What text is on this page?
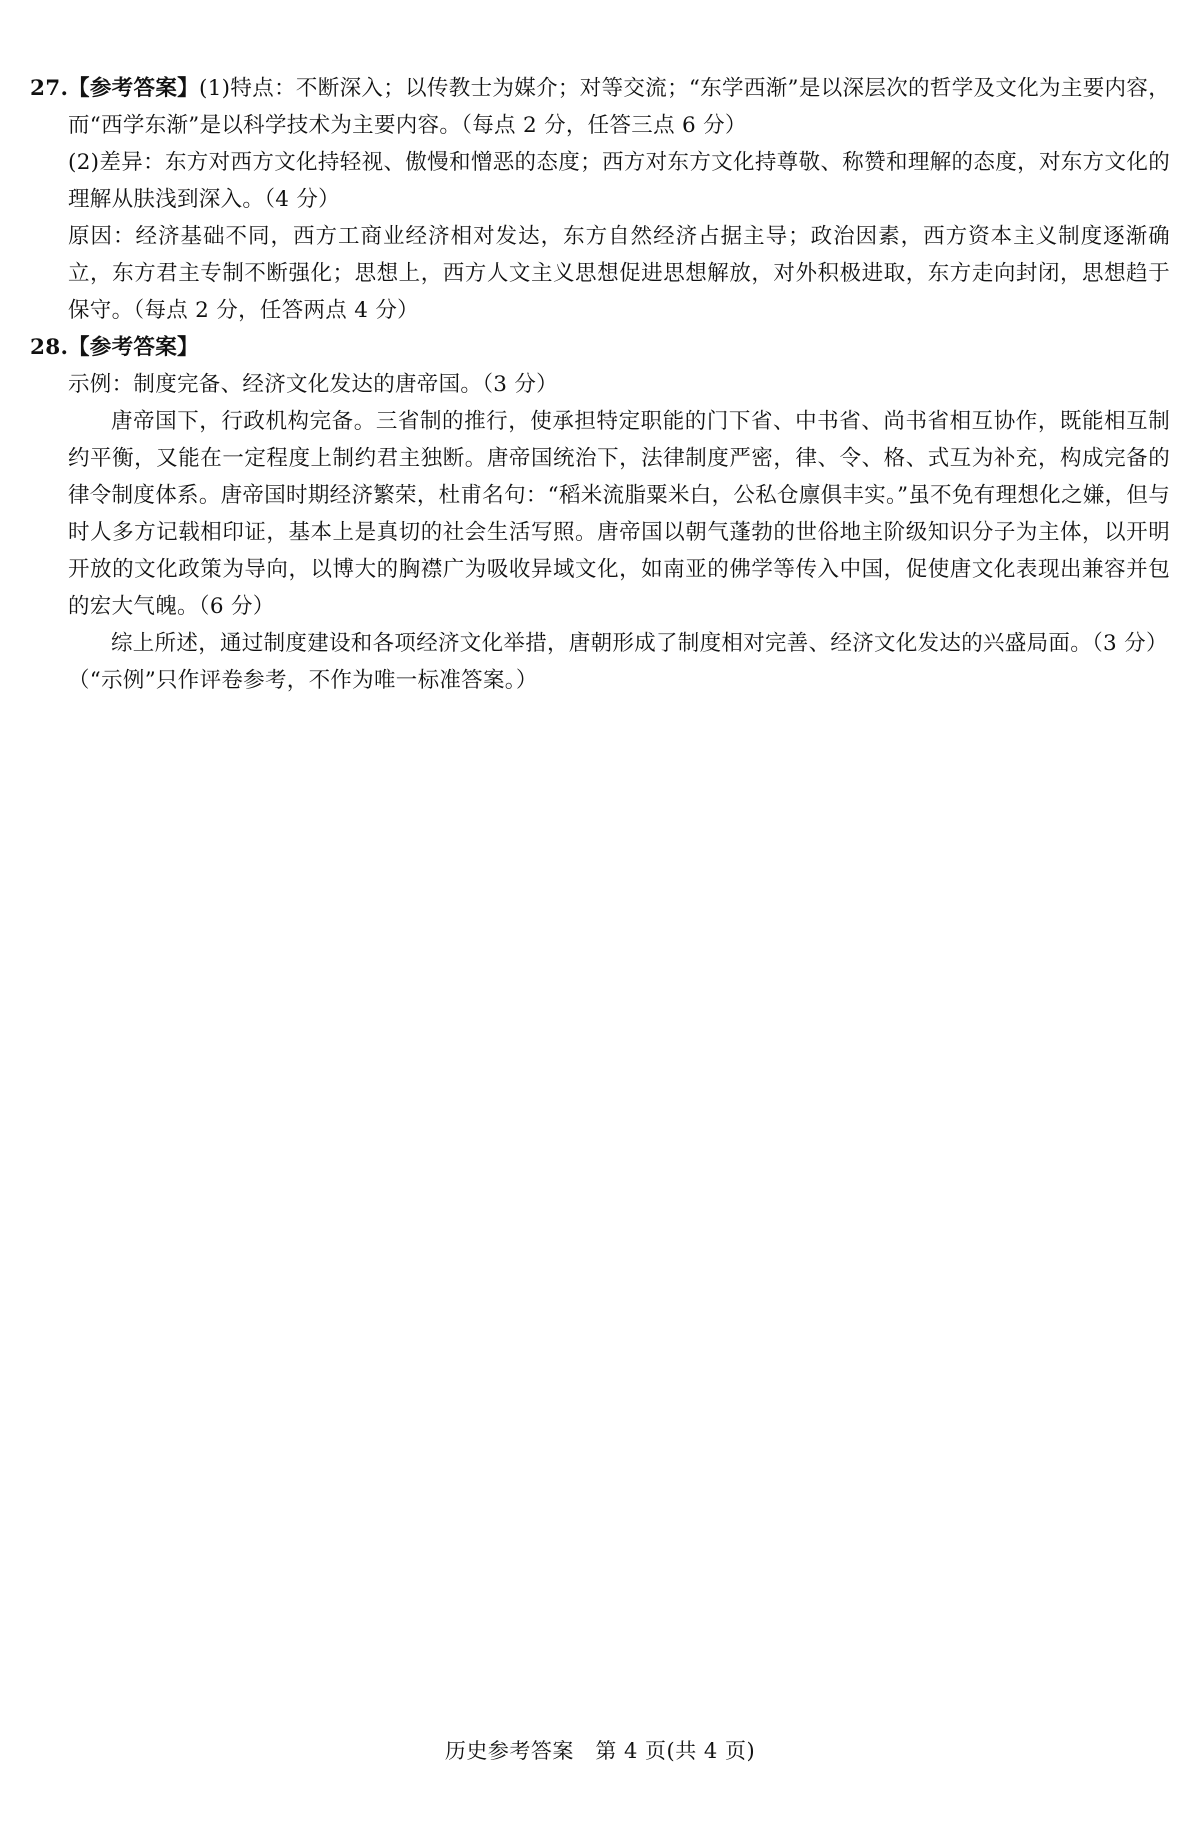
27. 【参考答案】(1)特点：不断深入；以传教士为媒介；对等交流；“东学西渐”是以深层次的哲学及文化为主要内容，而“西学东渐”是以科学技术为主要内容。（每点 2 分，任答三点 6 分）
(2)差异：东方对西方文化持轻视、傲慢和憎恶的态度；西方对东方文化持尊敬、称赞和理解的态度，对东方文化的理解从肤浅到深入。（4 分）
原因：经济基础不同，西方工商业经济相对发达，东方自然经济占据主导；政治因素，西方资本主义制度逐渐确立，东方君主专制不断强化；思想上，西方人文主义思想促进思想解放，对外积极进取，东方走向封闭，思想趋于保守。（每点 2 分，任答两点 4 分）
28. 【参考答案】
示例：制度完备、经济文化发达的唐帝国。（3 分）
唐帝国下，行政机构完备。三省制的推行，使承担特定职能的门下省、中书省、尚书省相互协作，既能相互制约平衡，又能在一定程度上制约君主独断。唐帝国统治下，法律制度严密，律、令、格、式互为补充，构成完备的律令制度体系。唐帝国时期经济繁荣，杜甫名句：“稻米流脂粟米白，公私仓廪俱丰实。”虽不免有理想化之嫌，但与时人多方记载相印证，基本上是真切的社会生活写照。唐帝国以朝气蓬勃的世俗地主阶级知识分子为主体，以开明开放的文化政策为导向，以博大的胸襟广为吸收异域文化，如南亚的佛学等传入中国，促使唐文化表现出兼容并包的宏大气魄。（6 分）
综上所述，通过制度建设和各项经济文化举措，唐朝形成了制度相对完善、经济文化发达的兴盛局面。（3 分）
（“示例”只作评卷参考，不作为唯一标准答案。）
历史参考答案　第 4 页(共 4 页)
